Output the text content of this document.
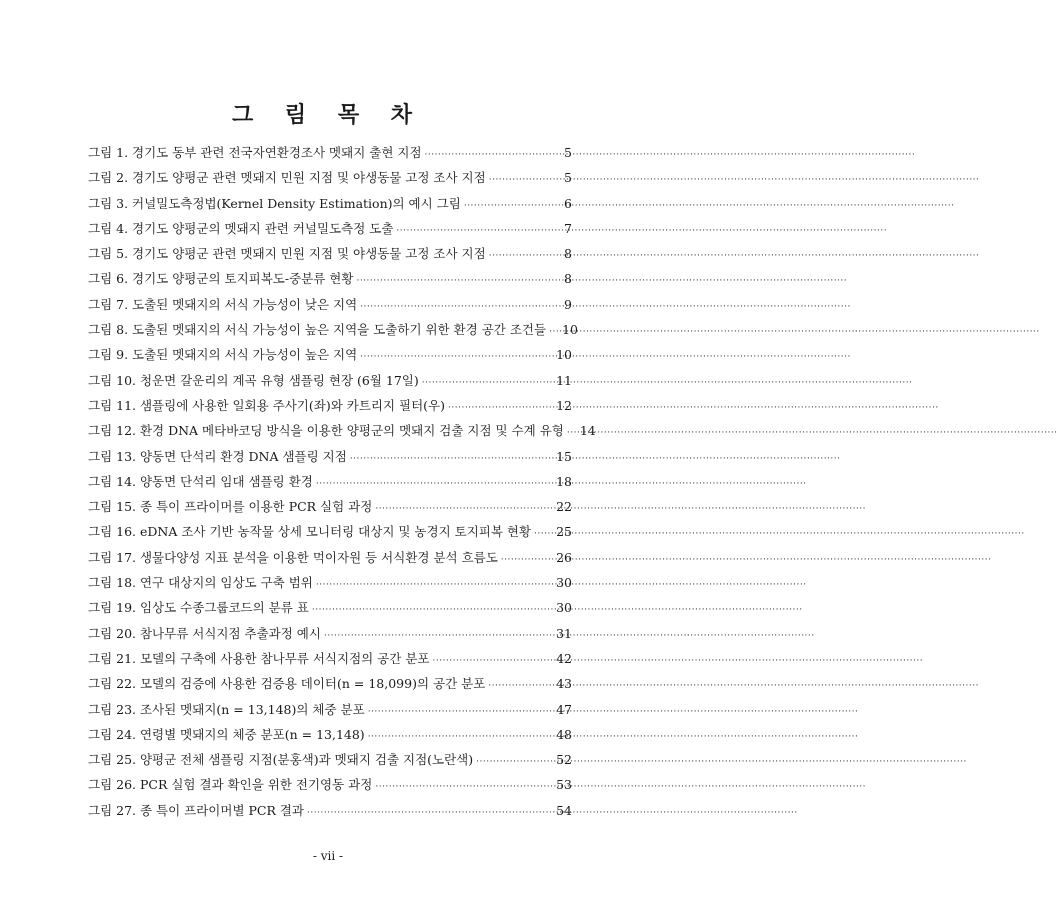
그 림 목 차
그림 1. 경기도 동부 관련 전국자연환경조사 멧돼지 출현 지점 ·····	5
그림 2. 경기도 양평군 관련 멧돼지 민원 지점 및 야생동물 고정 조사 지점 ·····	5
그림 3. 커널밀도측정법(Kernel Density Estimation)의 예시 그림 ·····	6
그림 4. 경기도 양평군의 멧돼지 관련 커널밀도측정 도출 ·····	7
그림 5. 경기도 양평군 관련 멧돼지 민원 지점 및 야생동물 고정 조사 지점 ·····	8
그림 6. 경기도 양평군의 토지피복도-중분류 현황 ·····	8
그림 7. 도출된 멧돼지의 서식 가능성이 낮은 지역 ·····	9
그림 8. 도출된 멧돼지의 서식 가능성이 높은 지역을 도출하기 위한 환경 공간 조건들 ····· 10
그림 9. 도출된 멧돼지의 서식 가능성이 높은 지역 ·····	10
그림 10. 청운면 갈운리의 계곡 유형 샘플링 현장 (6월 17일) ·····	11
그림 11. 샘플링에 사용한 일회용 주사기(좌)와 카트리지 필터(우) ·····	12
그림 12. 환경 DNA 메타바코딩 방식을 이용한 양평군의 멧돼지 검출 지점 및 수계 유형 ····· 14
그림 13. 양동면 단석리 환경 DNA 샘플링 지점 ·····	15
그림 14. 양동면 단석리 임대 샘플링 환경 ·····	18
그림 15. 종 특이 프라이머를 이용한 PCR 실험 과정 ·····	22
그림 16. eDNA 조사 기반 농작물 상세 모니터링 대상지 및 농경지 토지피복 현황 ····· 25
그림 17. 생물다양성 지표 분석을 이용한 먹이자원 등 서식환경 분석 흐름도 ·····	26
그림 18. 연구 대상지의 임상도 구축 범위 ·····	30
그림 19. 임상도 수종그룹코드의 분류 표 ·····	30
그림 20. 참나무류 서식지점 추출과정 예시 ·····	31
그림 21. 모델의 구축에 사용한 참나무류 서식지점의 공간 분포 ·····	42
그림 22. 모델의 검증에 사용한 검증용 데이터(n = 18,099)의 공간 분포 ·····	43
그림 23. 조사된 멧돼지(n = 13,148)의 체중 분포 ·····	47
그림 24. 연령별 멧돼지의 체중 분포(n = 13,148) ·····	48
그림 25. 양평군 전체 샘플링 지점(분홍색)과 멧돼지 검출 지점(노란색) ·····	52
그림 26. PCR 실험 결과 확인을 위한 전기영동 과정 ·····	53
그림 27. 종 특이 프라이머별 PCR 결과 ·····	54
- vii -
